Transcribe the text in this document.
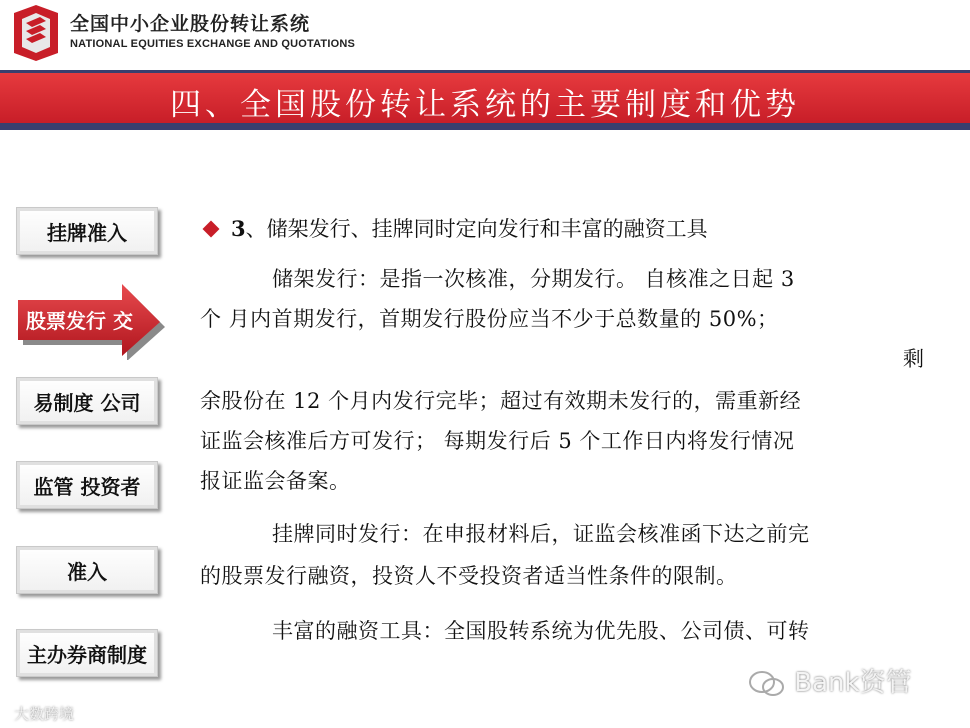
全国中小企业股份转让系统
NATIONAL EQUITIES EXCHANGE AND QUOTATIONS
四、全国股份转让系统的主要制度和优势
挂牌准入
股票发行 交
易制度 公司
监管 投资者
准入
主办券商制度
3、储架发行、挂牌同时定向发行和丰富的融资工具
储架发行：是指一次核准，分期发行。 自核准之日起 3
个 月内首期发行，首期发行股份应当不少于总数量的 50%；
剩
余股份在 12 个月内发行完毕；超过有效期未发行的，需重新经
证监会核准后方可发行； 每期发行后 5 个工作日内将发行情况
报证监会备案。
挂牌同时发行：在申报材料后，证监会核准函下达之前完
的股票发行融资，投资人不受投资者适当性条件的限制。
丰富的融资工具：全国股转系统为优先股、公司债、可转
大数跨境
Bank资管
